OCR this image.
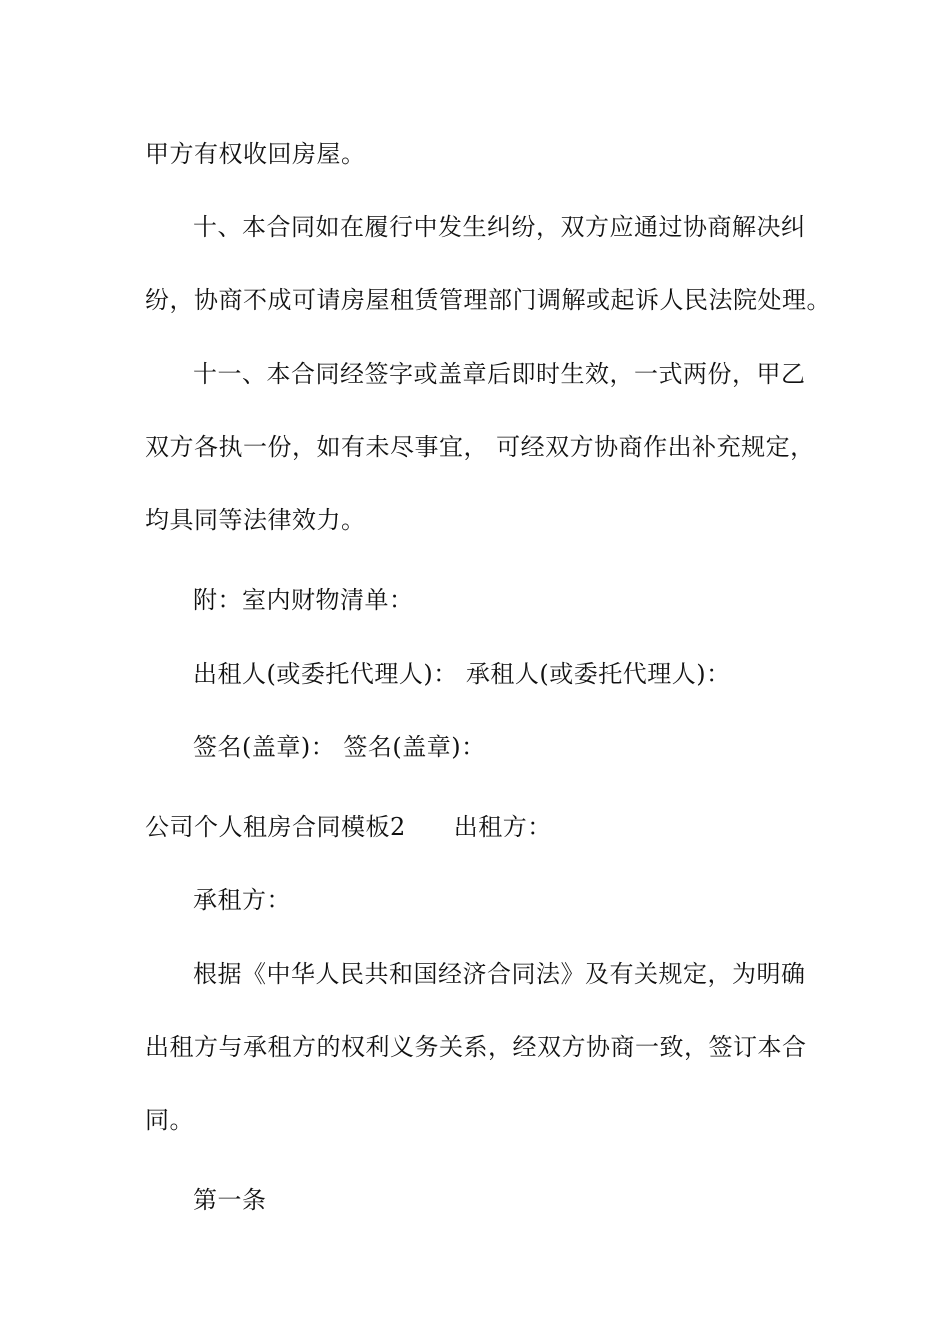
甲方有权收回房屋。
十、本合同如在履行中发生纠纷，双方应通过协商解决纠
纷，协商不成可请房屋租赁管理部门调解或起诉人民法院处理。
十一、本合同经签字或盖章后即时生效，一式两份，甲乙
双方各执一份，如有未尽事宜， 可经双方协商作出补充规定，
均具同等法律效力。
附：室内财物清单：
出租人(或委托代理人)： 承租人(或委托代理人)：
签名(盖章)： 签名(盖章)：
公司个人租房合同模板2 出租方：
承租方：
根据《中华人民共和国经济合同法》及有关规定，为明确
出租方与承租方的权利义务关系，经双方协商一致，签订本合
同。
第一条
